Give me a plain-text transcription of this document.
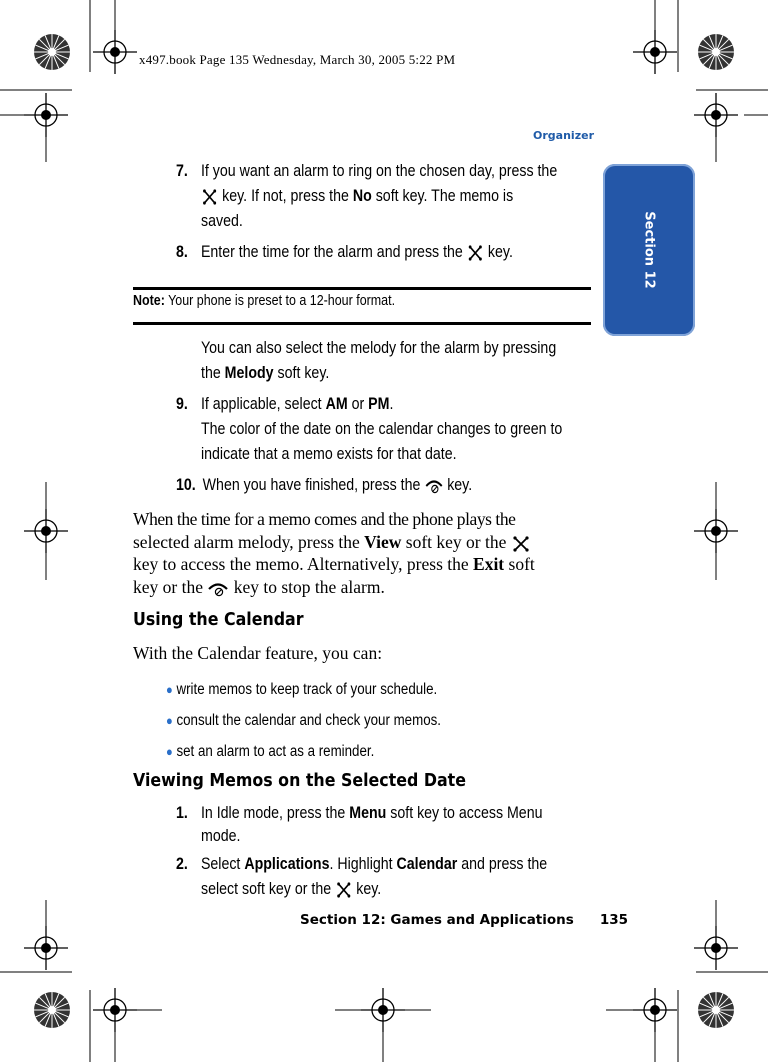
x497.book Page 135 Wednesday, March 30, 2005 5:22 PM
Organizer
Section 12
7. If you want an alarm to ring on the chosen day, press the
key. If not, press the No soft key. The memo is
saved.
8. Enter the time for the alarm and press the key.
Note: Your phone is preset to a 12-hour format.
You can also select the melody for the alarm by pressing
the Melody soft key.
9. If applicable, select AM or PM.
The color of the date on the calendar changes to green to
indicate that a memo exists for that date.
10. When you have finished, press the key.
When the time for a memo comes and the phone plays the
selected alarm melody, press the View soft key or the
key to access the memo. Alternatively, press the Exit soft
key or the key to stop the alarm.
Using the Calendar
With the Calendar feature, you can:
● write memos to keep track of your schedule.
● consult the calendar and check your memos.
● set an alarm to act as a reminder.
Viewing Memos on the Selected Date
1. In Idle mode, press the Menu soft key to access Menu
mode.
2. Select Applications. Highlight Calendar and press the
select soft key or the key.
Section 12: Games and Applications 135
